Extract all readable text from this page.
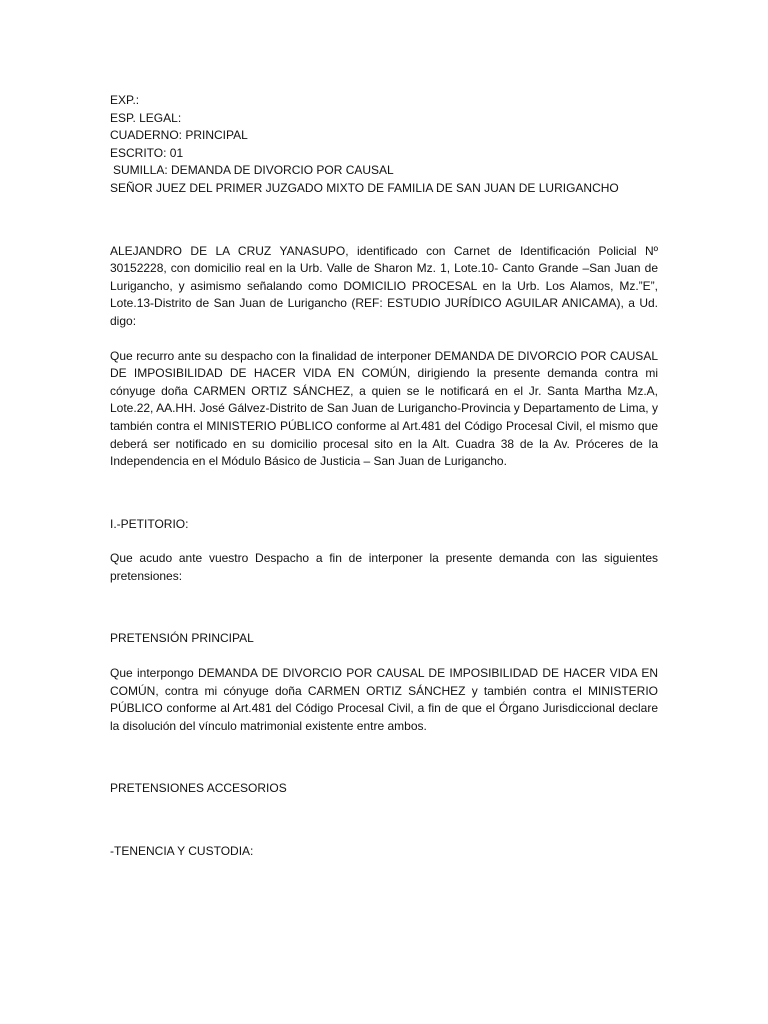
EXP.:

ESP. LEGAL:

CUADERNO: PRINCIPAL

ESCRITO: 01

SUMILLA: DEMANDA DE DIVORCIO POR CAUSAL

SEÑOR JUEZ DEL PRIMER JUZGADO MIXTO DE FAMILIA DE SAN JUAN DE LURIGANCHO

ALEJANDRO DE LA CRUZ YANASUPO, identificado con Carnet de Identificación Policial Nº 30152228, con domicilio real en la Urb. Valle de Sharon Mz. 1, Lote.10- Canto Grande –San Juan de Lurigancho, y asimismo señalando como DOMICILIO PROCESAL en la Urb. Los Alamos, Mz.”E”, Lote.13-Distrito de San Juan de Lurigancho (REF: ESTUDIO JURÍDICO AGUILAR ANICAMA), a Ud. digo:

Que recurro ante su despacho con la finalidad de interponer DEMANDA DE DIVORCIO POR CAUSAL DE IMPOSIBILIDAD DE HACER VIDA EN COMÚN, dirigiendo la presente demanda contra mi cónyuge doña CARMEN ORTIZ SÁNCHEZ, a quien se le notificará en el Jr. Santa Martha Mz.A, Lote.22, AA.HH. José Gálvez-Distrito de San Juan de Lurigancho-Provincia y Departamento de Lima, y también contra el MINISTERIO PÚBLICO conforme al Art.481 del Código Procesal Civil, el mismo que deberá ser notificado en su domicilio procesal sito en la Alt. Cuadra 38 de la Av. Próceres de la Independencia en el Módulo Básico de Justicia – San Juan de Lurigancho.

I.-PETITORIO:

Que acudo ante vuestro Despacho a fin de interponer la presente demanda con las siguientes pretensiones:

PRETENSIÓN PRINCIPAL

Que interpongo DEMANDA DE DIVORCIO POR CAUSAL DE IMPOSIBILIDAD DE HACER VIDA EN COMÚN, contra mi cónyuge doña CARMEN ORTIZ SÁNCHEZ y también contra el MINISTERIO PÚBLICO conforme al Art.481 del Código Procesal Civil, a fin de que el Órgano Jurisdiccional declare la disolución del vínculo matrimonial existente entre ambos.

PRETENSIONES ACCESORIOS

-TENENCIA Y CUSTODIA:
